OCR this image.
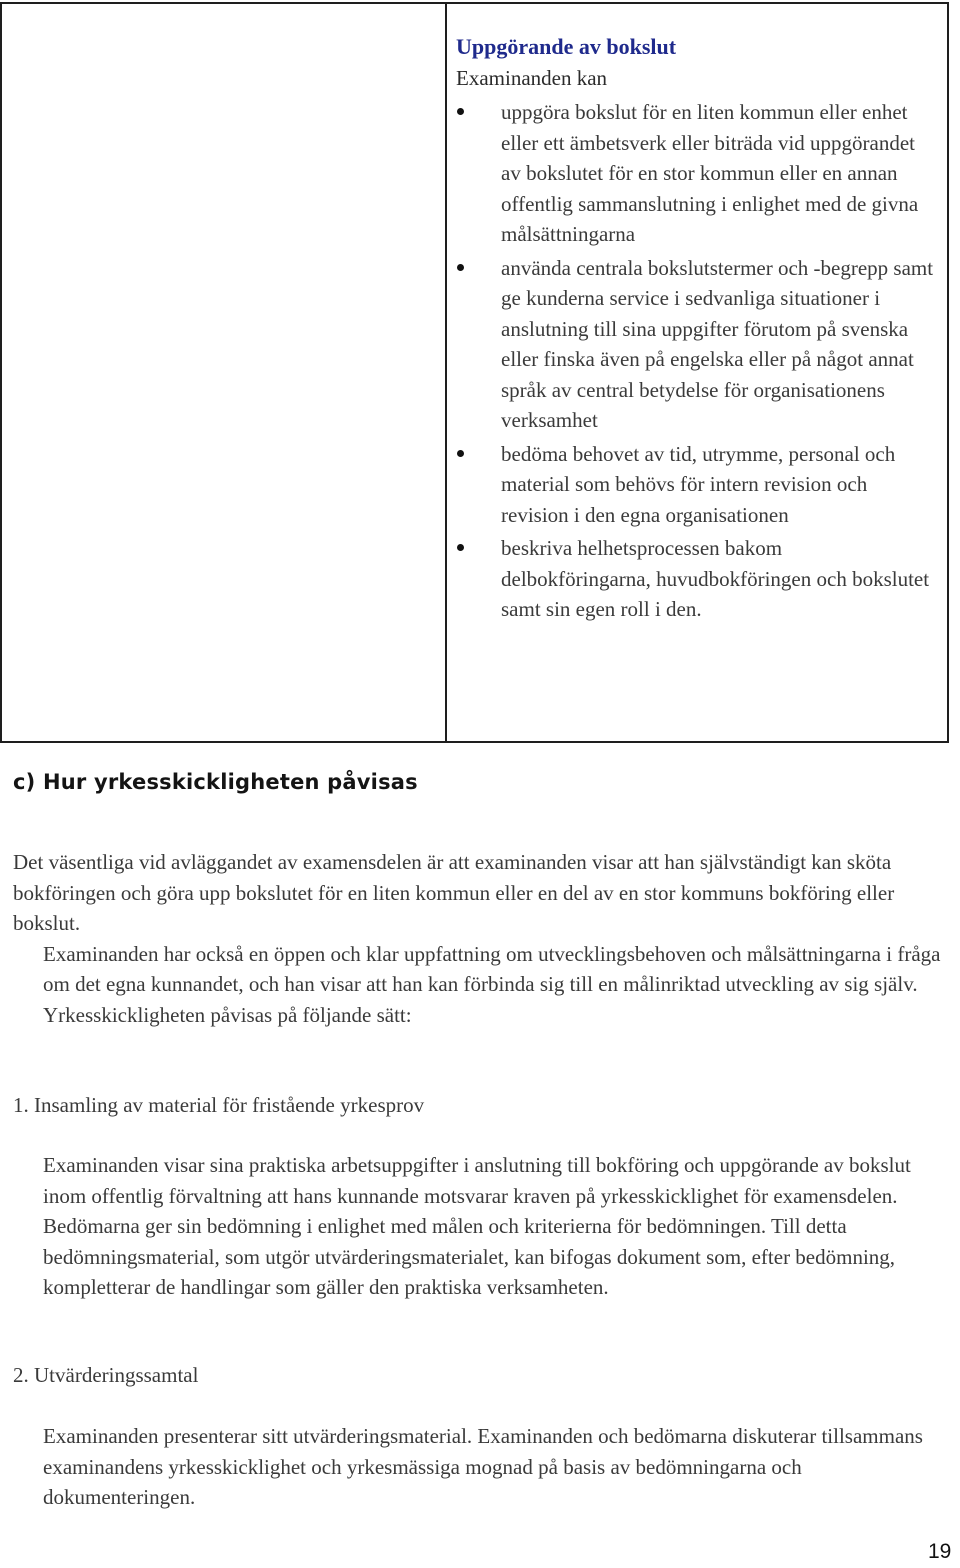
Uppgörande av bokslut
Examinanden kan
uppgöra bokslut för en liten kommun eller enhet eller ett ämbetsverk eller biträda vid uppgörandet av bokslutet för en stor kommun eller en annan offentlig sammanslutning i enlighet med de givna målsättningarna
använda centrala bokslutstermer och -begrepp samt ge kunderna service i sedvanliga situationer i anslutning till sina uppgifter förutom på svenska eller finska även på engelska eller på något annat språk av central betydelse för organisationens verksamhet
bedöma behovet av tid, utrymme, personal och material som behövs för intern revision och revision i den egna organisationen
beskriva helhetsprocessen bakom delbokföringarna, huvudbokföringen och bokslutet samt sin egen roll i den.
c) Hur yrkesskickligheten påvisas

Det väsentliga vid avläggandet av examensdelen är att examinanden visar att han självständigt kan sköta bokföringen och göra upp bokslutet för en liten kommun eller en del av en stor kommuns bokföring eller bokslut.

Examinanden har också en öppen och klar uppfattning om utvecklingsbehoven och målsättningarna i fråga om det egna kunnandet, och han visar att han kan förbinda sig till en målinriktad utveckling av sig själv.

Yrkesskickligheten påvisas på följande sätt:

1. Insamling av material för fristående yrkesprov
Examinanden visar sina praktiska arbetsuppgifter i anslutning till bokföring och uppgörande av bokslut inom offentlig förvaltning att hans kunnande motsvarar kraven på yrkesskicklighet för examensdelen. Bedömarna ger sin bedömning i enlighet med målen och kriterierna för bedömningen. Till detta bedömningsmaterial, som utgör utvärderingsmaterialet, kan bifogas dokument som, efter bedömning, kompletterar de handlingar som gäller den praktiska verksamheten.
2. Utvärderingssamtal
Examinanden presenterar sitt utvärderingsmaterial. Examinanden och bedömarna diskuterar tillsammans examinandens yrkesskicklighet och yrkesmässiga mognad på basis av bedömningarna och dokumenteringen.
19
